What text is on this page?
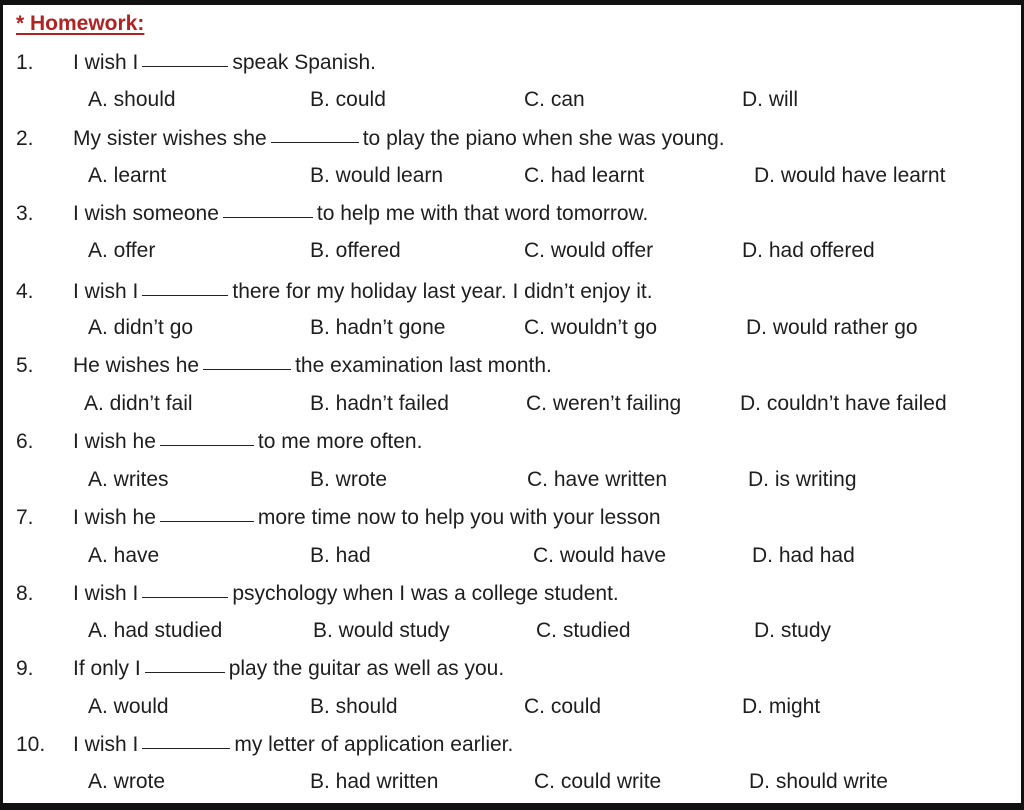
* Homework:
1. I wish I	speak Spanish.
A. should	B. could	C. can	D. will
2. My sister wishes she	to play the piano when she was young.
A. learnt	B. would learn	C. had learnt	D. would have learnt
3. I wish someone	to help me with that word tomorrow.
A. offer	B. offered	C. would offer	D. had offered
4. I wish I	there for my holiday last year. I didn’t enjoy it.
A. didn’t go	B. hadn’t gone	C. wouldn’t go	D. would rather go
5. He wishes he	the examination last month.
A. didn’t fail	B. hadn’t failed	C. weren’t failing	D. couldn’t have failed
6. I wish he	to me more often.
A. writes	B. wrote	C. have written	D. is writing
7. I wish he	more time now to help you with your lesson
A. have	B. had	C. would have	D. had had
8. I wish I	psychology when I was a college student.
A. had studied	B. would study	C. studied	D. study
9. If only I	play the guitar as well as you.
A. would	B. should	C. could	D. might
10. I wish I	my letter of application earlier.
A. wrote	B. had written	C. could write	D. should write
